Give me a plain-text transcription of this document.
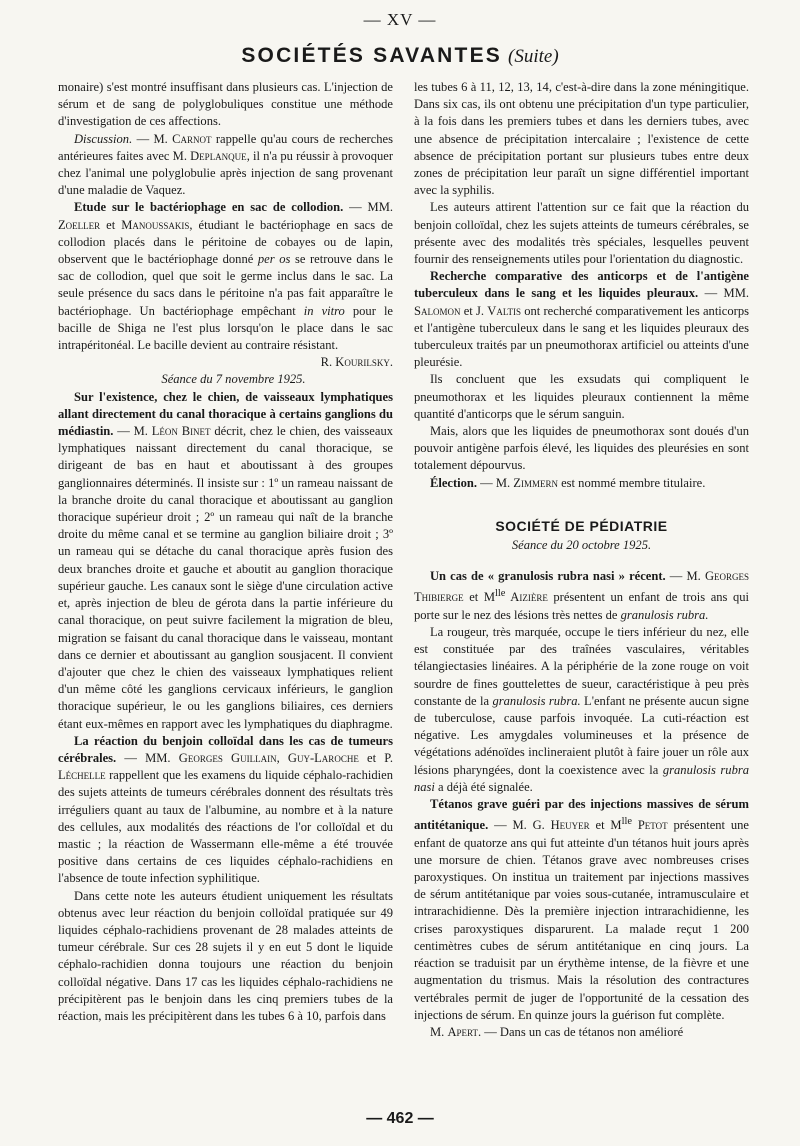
— XV —
SOCIÉTÉS SAVANTES (Suite)

monaire) s'est montré insuffisant dans plusieurs cas. L'injection de sérum et de sang de polyglobuliques constitue une méthode d'investigation de ces affections.

Discussion. — M. Carnot rappelle qu'au cours de recherches antérieures faites avec M. Deplanque, il n'a pu réussir à provoquer chez l'animal une polyglobulie après injection de sang provenant d'une maladie de Vaquez.

Etude sur le bactériophage en sac de collodion. — MM. Zoeller et Manoussakis, étudiant le bactériophage en sacs de collodion placés dans le péritoine de cobayes ou de lapin, observent que le bactériophage donné per os se retrouve dans le sac de collodion, quel que soit le germe inclus dans le sac. La seule présence du sacs dans le péritoine n'a pas fait apparaître le bactériophage. Un bactériophage empêchant in vitro pour le bacille de Shiga ne l'est plus lorsqu'on le place dans le sac intrapéritonéal. Le bacille devient au contraire résistant.

R. Kourilsky.

Séance du 7 novembre 1925.

Sur l'existence, chez le chien, de vaisseaux lymphatiques allant directement du canal thoracique à certains ganglions du médiastin. — M. Léon Binet décrit, chez le chien, des vaisseaux lymphatiques naissant directement du canal thoracique, se dirigeant de bas en haut et aboutissant à des groupes ganglionnaires déterminés. Il insiste sur : 1º un rameau naissant de la branche droite du canal thoracique et aboutissant au ganglion thoracique supérieur droit ; 2º un rameau qui naît de la branche droite du même canal et se termine au ganglion biliaire droit ; 3º un rameau qui se détache du canal thoracique après fusion des deux branches droite et gauche et aboutit au ganglion thoracique supérieur gauche. Les canaux sont le siège d'une circulation active et, après injection de bleu de gérota dans la partie inférieure du canal thoracique, on peut suivre facilement la migration de bleu, migration se faisant du canal thoracique dans le vaisseau, montant dans ce dernier et aboutissant au ganglion sousjacent. Il convient d'ajouter que chez le chien des vaisseaux lymphatiques relient d'un même côté les ganglions cervicaux inférieurs, le ganglion thoracique supérieur, le ou les ganglions biliaires, ces derniers étant eux-mêmes en rapport avec les lymphatiques du diaphragme.

La réaction du benjoin colloïdal dans les cas de tumeurs cérébrales. — MM. Georges Guillain, Guy-Laroche et P. Léchelle rappellent que les examens du liquide céphalo-rachidien des sujets atteints de tumeurs cérébrales donnent des résultats très irréguliers quant au taux de l'albumine, au nombre et à la nature des cellules, aux modalités des réactions de l'or colloïdal et du mastic ; la réaction de Wassermann elle-même a été trouvée positive dans certains de ces liquides céphalo-rachidiens en l'absence de toute infection syphilitique.

Dans cette note les auteurs étudient uniquement les résultats obtenus avec leur réaction du benjoin colloïdal pratiquée sur 49 liquides céphalo-rachidiens provenant de 28 malades atteints de tumeur cérébrale. Sur ces 28 sujets il y en eut 5 dont le liquide céphalo-rachidien donna toujours une réaction du benjoin colloïdal négative. Dans 17 cas les liquides céphalo-rachidiens ne précipitèrent pas le benjoin dans les cinq premiers tubes de la réaction, mais les précipitèrent dans les tubes 6 à 10, parfois dans

les tubes 6 à 11, 12, 13, 14, c'est-à-dire dans la zone méningitique. Dans six cas, ils ont obtenu une précipitation d'un type particulier, à la fois dans les premiers tubes et dans les derniers tubes, avec une absence de précipitation intercalaire ; l'existence de cette absence de précipitation portant sur plusieurs tubes entre deux zones de précipitation leur paraît un signe différentiel important avec la syphilis.

Les auteurs attirent l'attention sur ce fait que la réaction du benjoin colloïdal, chez les sujets atteints de tumeurs cérébrales, se présente avec des modalités très spéciales, lesquelles peuvent fournir des renseignements utiles pour l'orientation du diagnostic.

Recherche comparative des anticorps et de l'antigène tuberculeux dans le sang et les liquides pleuraux. — MM. Salomon et J. Valtis ont recherché comparativement les anticorps et l'antigène tuberculeux dans le sang et les liquides pleuraux des tuberculeux traités par un pneumothorax artificiel ou atteints d'une pleurésie.

Ils concluent que les exsudats qui compliquent le pneumothorax et les liquides pleuraux contiennent la même quantité d'anticorps que le sérum sanguin.

Mais, alors que les liquides de pneumothorax sont doués d'un pouvoir antigène parfois élevé, les liquides des pleurésies en sont totalement dépourvus.

Élection. — M. Zimmern est nommé membre titulaire.

SOCIÉTÉ DE PÉDIATRIE
Séance du 20 octobre 1925.

Un cas de « granulosis rubra nasi » récent. — M. Georges Thibierge et $M^{lle}$ Aizière présentent un enfant de trois ans qui porte sur le nez des lésions très nettes de granulosis rubra.

La rougeur, très marquée, occupe le tiers inférieur du nez, elle est constituée par des traînées vasculaires, véritables télangiectasies linéaires. A la périphérie de la zone rouge on voit sourdre de fines gouttelettes de sueur, caractéristique à peu près constante de la granulosis rubra. L'enfant ne présente aucun signe de tuberculose, cause parfois invoquée. La cuti-réaction est négative. Les amygdales volumineuses et la présence de végétations adénoïdes inclineraient plutôt à faire jouer un rôle aux lésions pharyngées, dont la coexistence avec la granulosis rubra nasi a déjà été signalée.

Tétanos grave guéri par des injections massives de sérum antitétanique. — M. G. Heuyer et $M^{lle}$ Petot présentent une enfant de quatorze ans qui fut atteinte d'un tétanos huit jours après une morsure de chien. Tétanos grave avec nombreuses crises paroxystiques. On institua un traitement par injections massives de sérum antitétanique par voies sous-cutanée, intramusculaire et intrarachidienne. Dès la première injection intrarachidienne, les crises paroxystiques disparurent. La malade reçut 1 200 centimètres cubes de sérum antitétanique en cinq jours. La réaction se traduisit par un érythème intense, de la fièvre et une augmentation du trismus. Mais la résolution des contractures vertébrales permit de juger de l'opportunité de la cessation des injections de sérum. En quinze jours la guérison fut complète.

M. Apert. — Dans un cas de tétanos non amélioré

— 462 —
